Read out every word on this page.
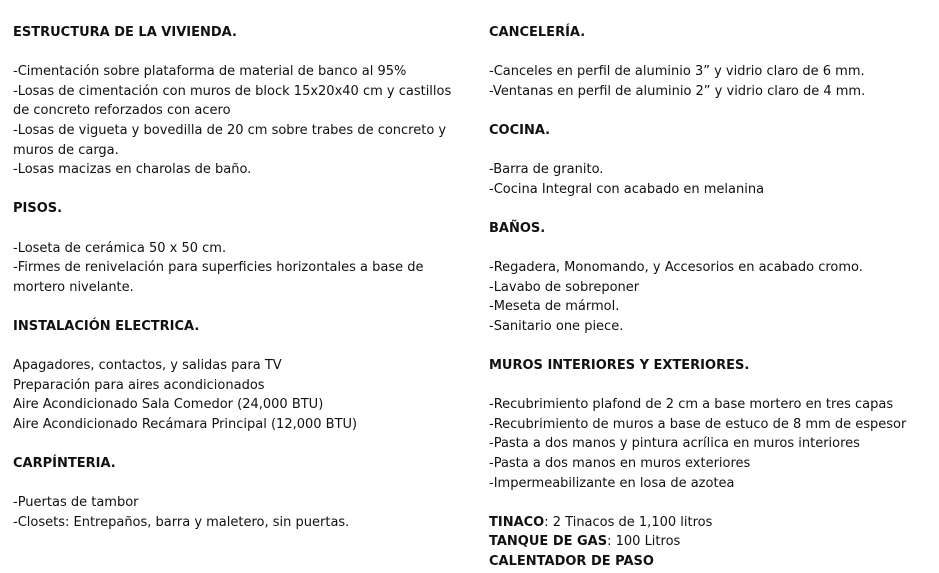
ESTRUCTURA DE LA VIVIENDA.
-Cimentación sobre plataforma de material de banco al 95%
-Losas de cimentación con muros de block 15x20x40 cm y castillos
de concreto reforzados con acero
-Losas de vigueta y bovedilla de 20 cm sobre trabes de concreto y
muros de carga.
-Losas macizas en charolas de baño.
PISOS.
-Loseta de cerámica 50 x 50 cm.
-Firmes de renivelación para superficies horizontales a base de
mortero nivelante.
INSTALACIÓN ELECTRICA.
Apagadores, contactos, y salidas para TV
Preparación para aires acondicionados
Aire Acondicionado Sala Comedor (24,000 BTU)
Aire Acondicionado Recámara Principal (12,000 BTU)
CARPÍNTERIA.
-Puertas de tambor
-Closets: Entrepaños, barra y maletero, sin puertas.
CANCELERÍA.
-Canceles en perfil de aluminio 3” y vidrio claro de 6 mm.
-Ventanas en perfil de aluminio 2” y vidrio claro de 4 mm.
COCINA.
-Barra de granito.
-Cocina Integral con acabado en melanina
BAÑOS.
-Regadera, Monomando, y Accesorios en acabado cromo.
-Lavabo de sobreponer
-Meseta de mármol.
-Sanitario one piece.
MUROS INTERIORES Y EXTERIORES.
-Recubrimiento plafond de 2 cm a base mortero en tres capas
-Recubrimiento de muros a base de estuco de 8 mm de espesor
-Pasta a dos manos y pintura acrílica en muros interiores
-Pasta a dos manos en muros exteriores
-Impermeabilizante en losa de azotea
TINACO: 2 Tinacos de 1,100 litros
TANQUE DE GAS: 100 Litros
CALENTADOR DE PASO
